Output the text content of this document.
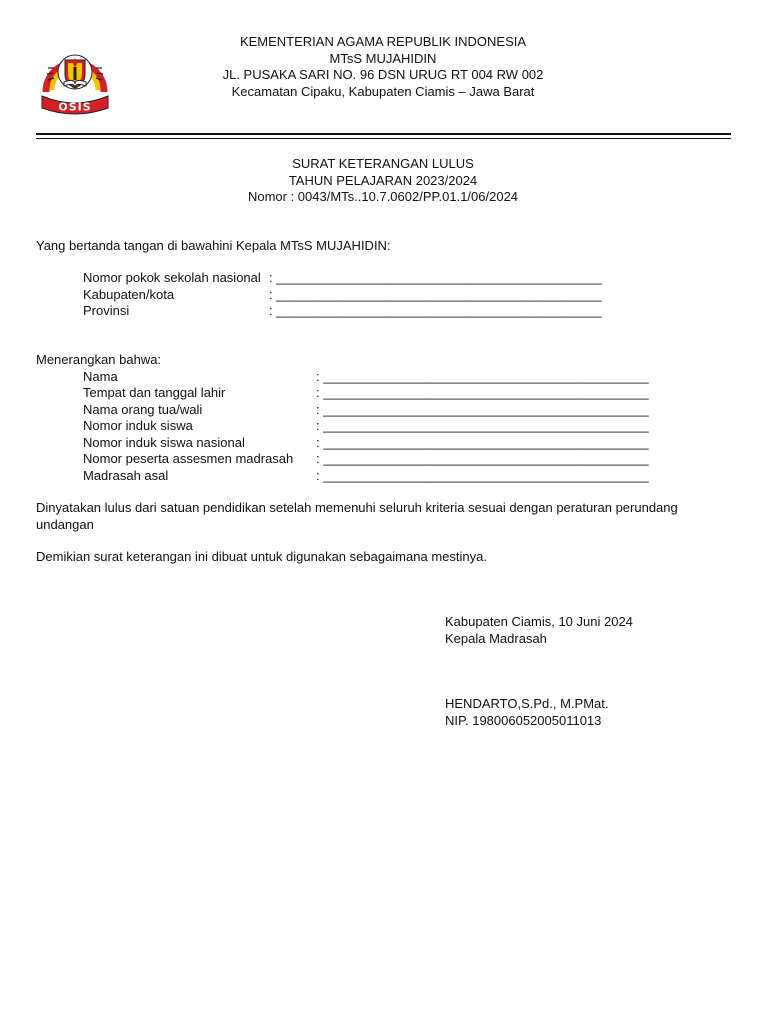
OSIS
KEMENTERIAN AGAMA REPUBLIK INDONESIA
MTsS MUJAHIDIN
JL. PUSAKA SARI NO. 96 DSN URUG RT 004 RW 002
Kecamatan Cipaku, Kabupaten Ciamis – Jawa Barat
SURAT KETERANGAN LULUS
TAHUN PELAJARAN 2023/2024
Nomor : 0043/MTs..10.7.0602/PP.01.1/06/2024
Yang bertanda tangan di bawahini Kepala MTsS MUJAHIDIN:
Nomor pokok sekolah nasional : _____________________________________________
Kabupaten/kota	: _____________________________________________
Provinsi	: _____________________________________________
Menerangkan bahwa:
Nama	: _____________________________________________
Tempat dan tanggal lahir	: _____________________________________________
Nama orang tua/wali	: _____________________________________________
Nomor induk siswa	: _____________________________________________
Nomor induk siswa nasional	: _____________________________________________
Nomor peserta assesmen madrasah : _____________________________________________
Madrasah asal	: _____________________________________________
Dinyatakan lulus dari satuan pendidikan setelah memenuhi seluruh kriteria sesuai dengan peraturan perundang undangan
Demikian surat keterangan ini dibuat untuk digunakan sebagaimana mestinya.
Kabupaten Ciamis, 10 Juni 2024
Kepala Madrasah
HENDARTO,S.Pd., M.PMat.
NIP. 198006052005011013
